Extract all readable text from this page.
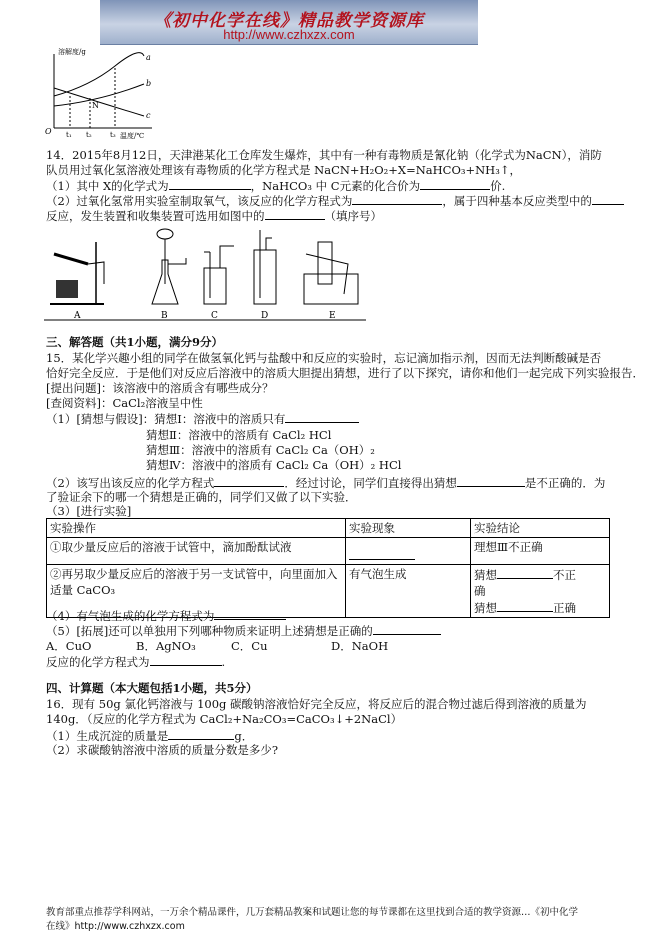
《初中化学在线》精品教学资源库
http://www.czhxzx.com
溶解度/g
温度/℃
O
a
b
c
N
t₁ t₂	t₃
14．2015年8月12日，天津港某化工仓库发生爆炸，其中有一种有毒物质是氰化钠（化学式为NaCN），消防
队员用过氧化氢溶液处理该有毒物质的化学方程式是 NaCN+H₂O₂+X=NaHCO₃+NH₃↑，
（1）其中 X的化学式为	，NaHCO₃ 中 C元素的化合价为	价.
（2）过氧化氢常用实验室制取氧气，该反应的化学方程式为	，属于四种基本反应类型中的
反应，发生装置和收集装置可选用如图中的	（填序号）
A	B	C	D	E
三、解答题（共1小题，满分9分）
15．某化学兴趣小组的同学在做氢氧化钙与盐酸中和反应的实验时，忘记滴加指示剂，因而无法判断酸碱是否
恰好完全反应．于是他们对反应后溶液中的溶质大胆提出猜想，进行了以下探究，请你和他们一起完成下列实验报告．
[提出问题]：该溶液中的溶质含有哪些成分？
[查阅资料]：CaCl₂溶液呈中性
（1）[猜想与假设]：猜想Ⅰ：溶液中的溶质只有
猜想Ⅱ：溶液中的溶质有 CaCl₂ HCl
猜想Ⅲ：溶液中的溶质有 CaCl₂ Ca（OH）₂
猜想Ⅳ：溶液中的溶质有 CaCl₂ Ca（OH）₂ HCl
（2）该写出该反应的化学方程式	．经过讨论，同学们直接得出猜想	是不正确的．为
了验证余下的哪一个猜想是正确的，同学们又做了以下实验．
（3）[进行实验]
实验操作	实验现象	实验结论
①取少量反应后的溶液于试管中，滴加酚酞试液		理想Ⅲ不正确
②再另取少量反应后的溶液于另一支试管中，向里面加入
适量 CaCO₃	有气泡生成	猜想 不正
确
猜想 正确
（4）有气泡生成的化学方程式为
（5）[拓展]还可以单独用下列哪种物质来证明上述猜想是正确的
A．CuO	B．AgNO₃	C．Cu	D．NaOH
反应的化学方程式为	.
四、计算题（本大题包括1小题，共5分）
16．现有 50g 氯化钙溶液与 100g 碳酸钠溶液恰好完全反应，将反应后的混合物过滤后得到溶液的质量为
140g．（反应的化学方程式为 CaCl₂+Na₂CO₃=CaCO₃↓+2NaCl）
（1）生成沉淀的质量是	g．
（2）求碳酸钠溶液中溶质的质量分数是多少?
教育部重点推荐学科网站，一万余个精品课件，几万套精品教案和试题让您的每节课都在这里找到合适的教学资源…《初中化学
在线》http://www.czhxzx.com
